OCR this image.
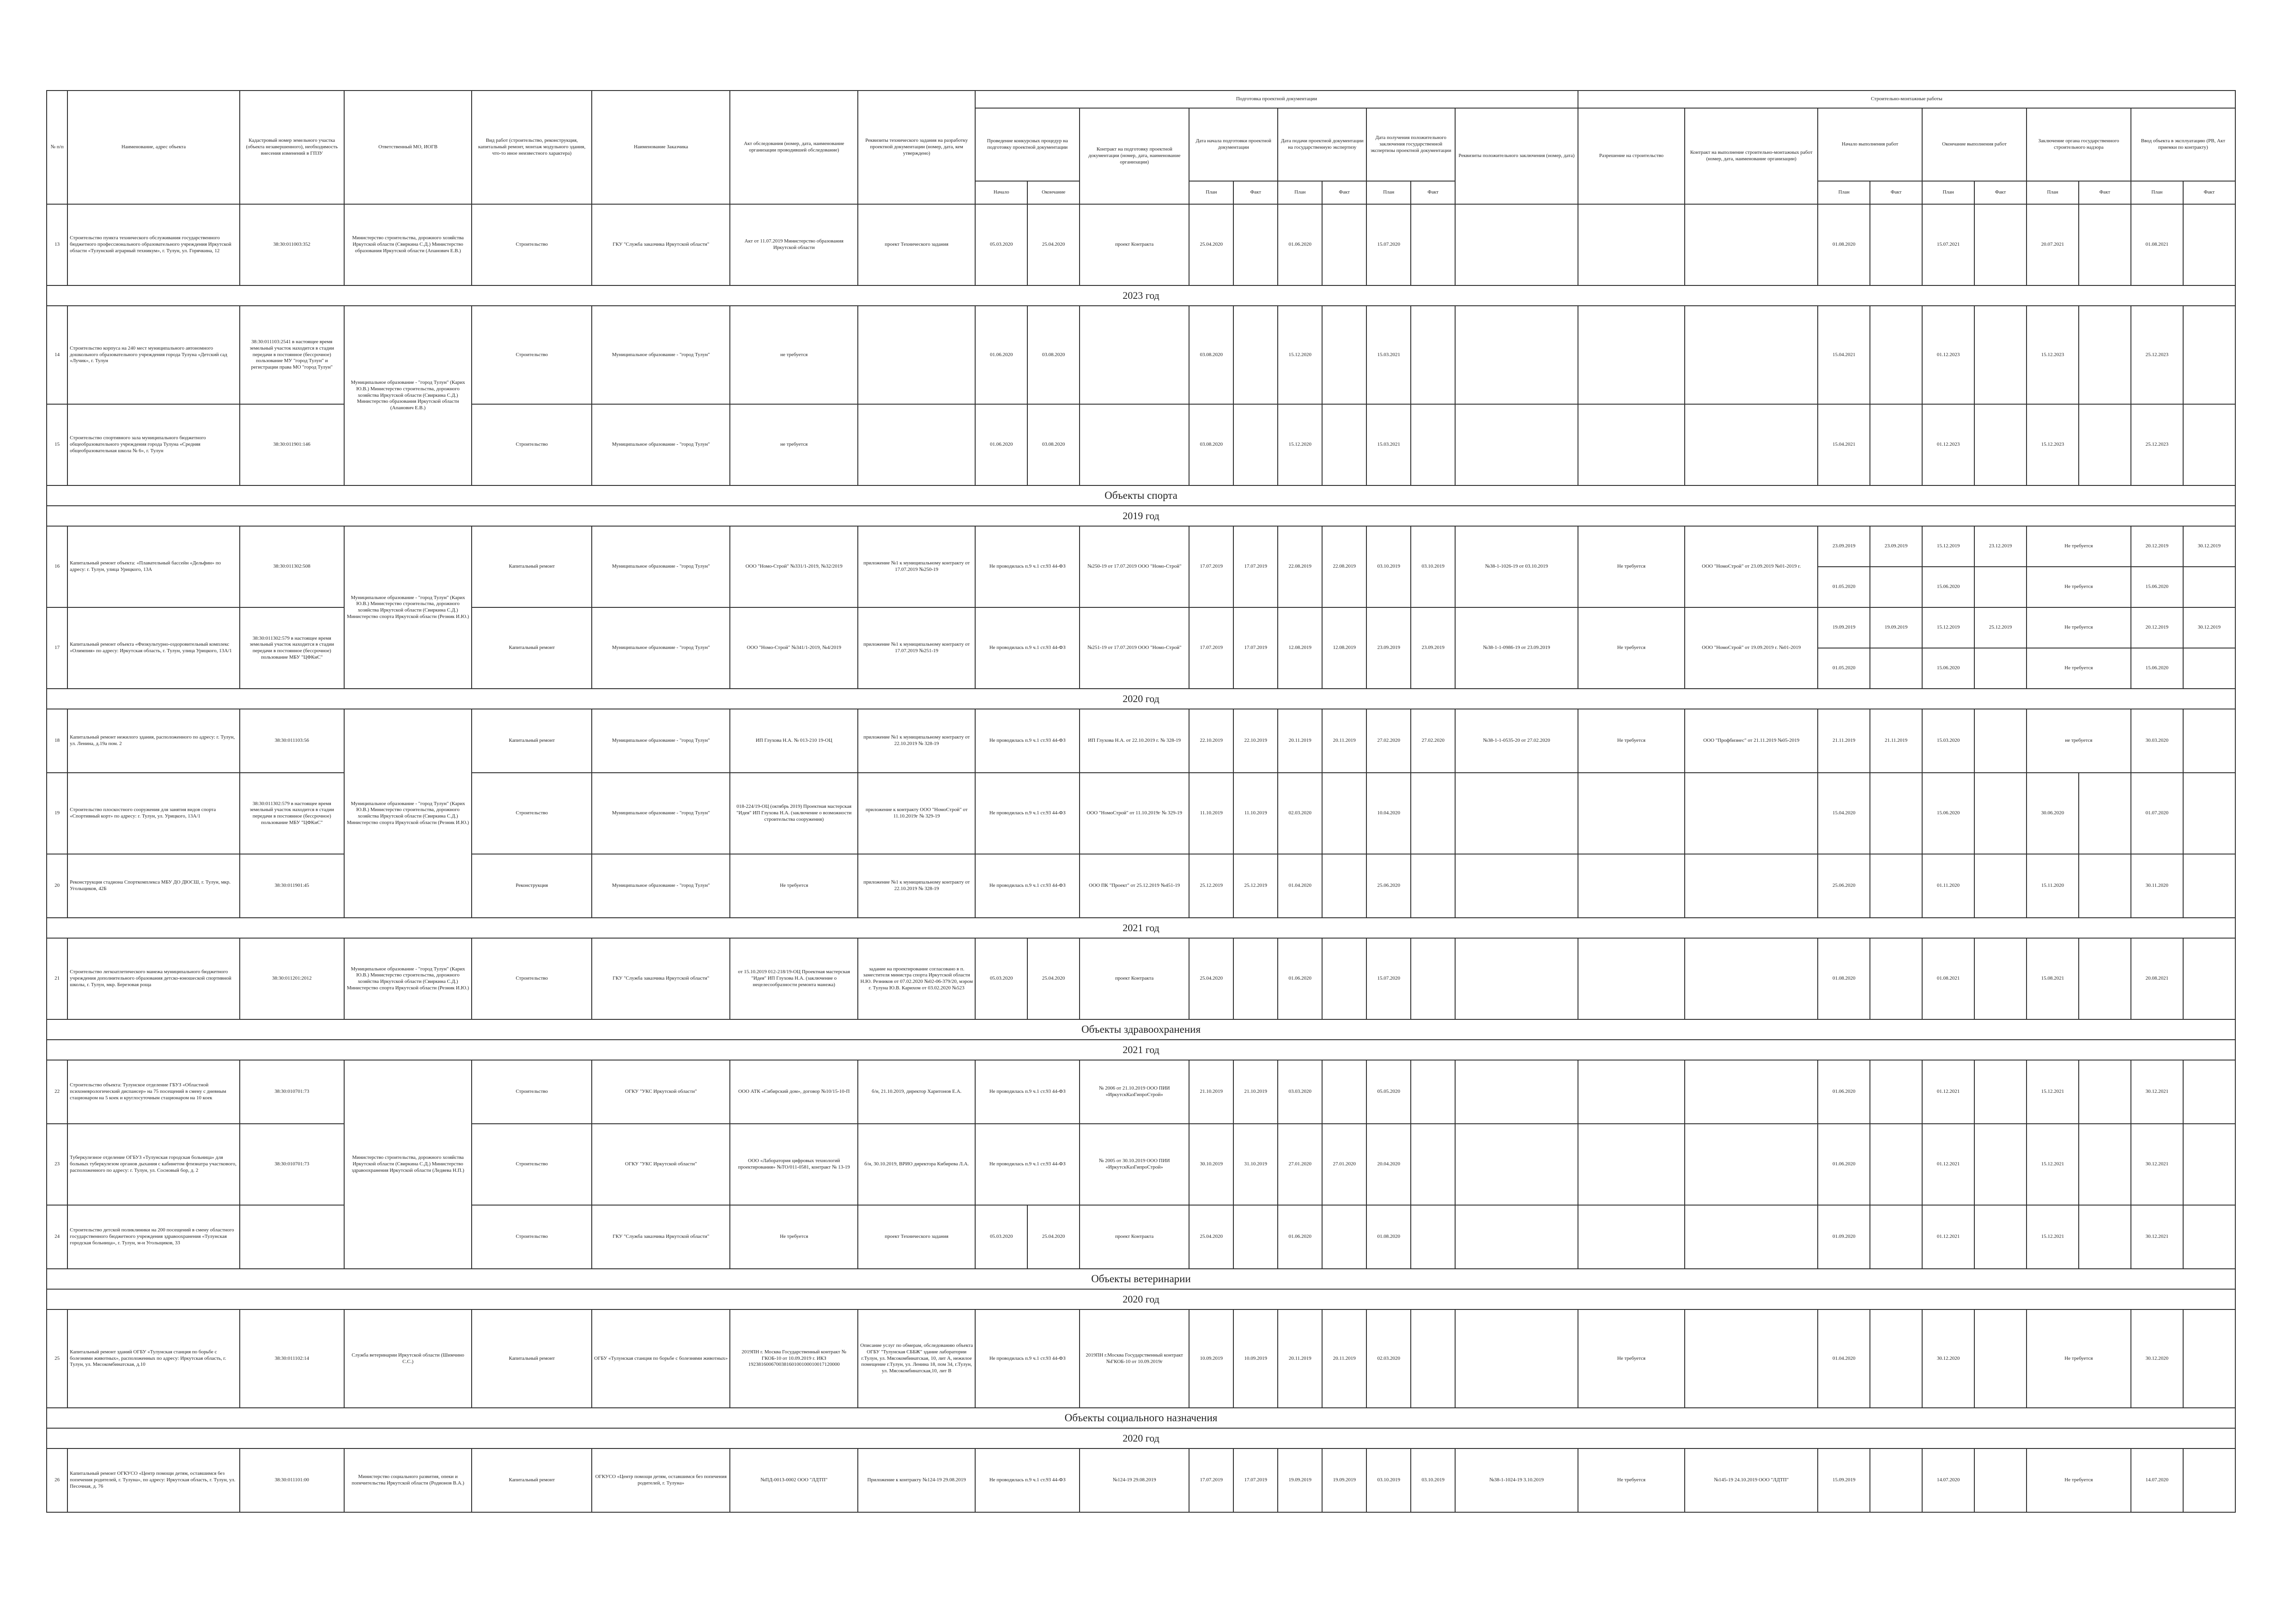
№ п/п	Наименование, адрес объекта	Кадастровый номер земельного участка (объекта незавершенного), необходимость внесения изменений в ГПЗУ	Ответственный МО, ИОГВ	Вид работ (строительство, реконструкция, капитальный ремонт, монтаж модульного здания, что-то иное неизвестного характера)	Наименование Заказчика	Акт обследования (номер, дата, наименование организации проводившей обследование)	Реквизиты технического задания на разработку проектной документации (номер, дата, кем утверждено)	Подготовка проектной документации										Строительно-монтажные работы									
								Проведение конкурсных процедур на подготовку проектной документации		Контракт на подготовку проектной документации (номер, дата, наименование организации)	Дата начала подготовки проектной документации		Дата подачи проектной документации на государственную экспертизу		Дата получения положительного заключения государственной экспертизы проектной документации		Реквизиты положительного заключения (номер, дата)	Разрешение на строительство	Контракт на выполнение строительно-монтажных работ (номер, дата, наименование организации)	Начало выполнения работ		Окончание выполнения работ		Заключение органа государственного строительного надзора		Ввод объекта в эксплуатацию (РВ, Акт приемки по контракту)	
								Начало	Окончание		План	Факт	План	Факт	План	Факт				План	Факт	План	Факт	План	Факт	План	Факт
13	Строительство пункта технического обслуживания государственного бюджетного профессионального образовательного учреждения Иркутской области «Тулунский аграрный техникум», г. Тулун, ул. Горячкина, 12	38:30:011003:352	Министерство строительства, дорожного хозяйства Иркутской области (Свиркина С.Д.) Министерство образования Иркутской области (Апанович Е.В.)	Строительство	ГКУ "Служба заказчика Иркутской области"	Акт от 11.07.2019 Министерство образования Иркутской области	проект Технического задания	05.03.2020	25.04.2020	проект Контракта	25.04.2020		01.06.2020		15.07.2020					01.08.2020		15.07.2021		20.07.2021		01.08.2021	
2023 год																											
14	Строительство корпуса на 240 мест муниципального автономного дошкольного образовательного учреждения города Тулуна «Детский сад «Лучик», г. Тулун	38:30:011103:2541 в настоящее время земельный участок находится в стадии передачи в постоянное (бессрочное) пользование МУ "город Тулун" и регистрации права МО "город Тулун"	Муниципальное образование - "город Тулун" (Карих Ю.В.) Министерство строительства, дорожного хозяйства Иркутской области (Свиркина С.Д.) Министерство образования Иркутской области (Апанович Е.В.)	Строительство	Муниципальное образование - "город Тулун"	не требуется		01.06.2020	03.08.2020		03.08.2020		15.12.2020		15.03.2021					15.04.2021		01.12.2023		15.12.2023		25.12.2023	
15	Строительство спортивного зала муниципального бюджетного общеобразовательного учреждения города Тулуна «Средняя общеобразовательная школа № 6», г. Тулун	38:30:011901:146		Строительство	Муниципальное образование - "город Тулун"	не требуется		01.06.2020	03.08.2020		03.08.2020		15.12.2020		15.03.2021					15.04.2021		01.12.2023		15.12.2023		25.12.2023	
Объекты спорта																											
2019 год																											
16	Капитальный ремонт объекта: «Плавательный бассейн «Дельфин» по адресу: г. Тулун, улица Урицкого, 13А	38:30:011302:508	Муниципальное образование - "город Тулун" (Карих Ю.В.) Министерство строительства, дорожного хозяйства Иркутской области (Свиркина С.Д.) Министерство спорта Иркутской области (Резник И.Ю.)	Капитальный ремонт	Муниципальное образование - "город Тулун"	ООО "Номо-Строй" №331/1-2019, №32/2019	приложение №1 к муниципальному контракту от 17.07.2019 №250-19	Не проводилась п.9 ч.1 ст.93 44-ФЗ		№250-19 от 17.07.2019 ООО "Номо-Строй"	17.07.2019	17.07.2019	22.08.2019	22.08.2019	03.10.2019	03.10.2019	№38-1-1026-19 от 03.10.2019	Не требуется	ООО "НомоСтрой" от 23.09.2019 №01-2019 г.	23.09.2019	23.09.2019	15.12.2019	23.12.2019	Не требуется		20.12.2019	30.12.2019
																				01.05.2020		15.06.2020		Не требуется		15.06.2020	
17	Капитальный ремонт объекта «Физкультурно-оздоровительный комплекс «Олимпия» по адресу: Иркутская область, г. Тулун, улица Урицкого, 13А/1	38:30:011302:579 в настоящее время земельный участок находится в стадии передачи в постоянное (бессрочное) пользование МБУ "ЦФКиС"		Капитальный ремонт	Муниципальное образование - "город Тулун"	ООО "Номо-Строй" №341/1-2019, №4/2019	приложение №1 к муниципальному контракту от 17.07.2019 №251-19	Не проводилась п.9 ч.1 ст.93 44-ФЗ		№251-19 от 17.07.2019 ООО "Номо-Строй"	17.07.2019	17.07.2019	12.08.2019	12.08.2019	23.09.2019	23.09.2019	№38-1-1-0986-19 от 23.09.2019	Не требуется	ООО "НомоСтрой" от 19.09.2019 г. №01-2019	19.09.2019	19.09.2019	15.12.2019	25.12.2019	Не требуется		20.12.2019	30.12.2019
																				01.05.2020		15.06.2020		Не требуется		15.06.2020	
2020 год																											
18	Капитальный ремонт нежилого здания, расположенного по адресу: г. Тулун, ул. Ленина, д.19а пом. 2	38:30:011103:56	Муниципальное образование - "город Тулун" (Карих Ю.В.) Министерство строительства, дорожного хозяйства Иркутской области (Свиркина С.Д.) Министерство спорта Иркутской области (Резник И.Ю.)	Капитальный ремонт	Муниципальное образование - "город Тулун"	ИП Глухова Н.А. № 013-210 19-ОЦ	приложение №1 к муниципальному контракту от 22.10.2019 № 328-19	Не проводилась п.9 ч.1 ст.93 44-ФЗ		ИП Глухова Н.А. от 22.10.2019 г. № 328-19	22.10.2019	22.10.2019	20.11.2019	20.11.2019	27.02.2020	27.02.2020	№38-1-1-0535-20 от 27.02.2020	Не требуется	ООО "Профбизнес" от 21.11.2019 №05-2019	21.11.2019	21.11.2019	15.03.2020		не требуется		30.03.2020	
19	Строительство плоскостного сооружения для занятия видов спорта «Спортивный корт» по адресу: г. Тулун, ул. Урицкого, 13А/1	38:30:011302:579 в настоящее время земельный участок находится в стадии передачи в постоянное (бессрочное) пользование МБУ "ЦФКиС"		Строительство	Муниципальное образование - "город Тулун"	018-224/19-ОЦ (октябрь 2019) Проектная мастерская "Идея" ИП Глухова Н.А. (заключение о возможности строительства сооружения)	приложение к контракту ООО "НомоСтрой" от 11.10.2019г № 329-19	Не проводилась п.9 ч.1 ст.93 44-ФЗ		ООО "НомоСтрой" от 11.10.2019г № 329-19	11.10.2019	11.10.2019	02.03.2020		10.04.2020					15.04.2020		15.06.2020		30.06.2020		01.07.2020	
20	Реконструкция стадиона Спорткомплекса МБУ ДО ДЮСШ, г. Тулун, мкр. Угольщиков, 42Б	38:30:011901:45		Реконструкция	Муниципальное образование - "город Тулун"	Не требуется	приложение №1 к муниципальному контракту от 22.10.2019 № 328-19	Не проводилась п.9 ч.1 ст.93 44-ФЗ		ООО ПК "Проект" от 25.12.2019 №451-19	25.12.2019	25.12.2019	01.04.2020		25.06.2020					25.06.2020		01.11.2020		15.11.2020		30.11.2020	
2021 год																											
21	Строительство легкоатлетического манежа муниципального бюджетного учреждения дополнительного образования детско-юношеской спортивной школы, г. Тулун, мкр. Березовая роща	38:30:011201:2012	Муниципальное образование - "город Тулун" (Карих Ю.В.) Министерство строительства, дорожного хозяйства Иркутской области (Свиркина С.Д.) Министерство спорта Иркутской области (Резник И.Ю.)	Строительство	ГКУ "Служба заказчика Иркутской области"	от 15.10.2019 012-218/19-ОЦ Проектная мастерская "Идея" ИП Глухова Н.А. (заключение о нецелесообразности ремонта манежа)	задание на проектирование согласовано в п. заместителя министра спорта Иркутской области Н.Ю. Резников от 07.02.2020 №02-06-379/20, мэром г. Тулуна Ю.В. Карихом от 03.02.2020 №523	05.03.2020	25.04.2020	проект Контракта	25.04.2020		01.06.2020		15.07.2020					01.08.2020		01.08.2021		15.08.2021		20.08.2021	
Объекты здравоохранения																											
2021 год																											
22	Строительство объекта: Тулунское отделение ГБУЗ «Областной психоневрологический диспансер» на 75 посещений в смену с дневным стационаром на 5 коек и круглосуточным стационаром на 10 коек	38:30:010701:73	Министерство строительства, дорожного хозяйства Иркутской области (Свиркина С.Д.) Министерство здравоохранения Иркутской области (Ледяева Н.П.)	Строительство	ОГКУ "УКС Иркутской области"	ООО АТК «Сибирский дом», договор №10/15-10-П	б/н, 21.10.2019, директор Харитонов Е.А.	Не проводилась п.9 ч.1 ст.93 44-ФЗ		№ 2006 от 21.10.2019 ООО ПИИ «ИркутскКазГипроСтрой»	21.10.2019	21.10.2019	03.03.2020		05.05.2020					01.06.2020		01.12.2021		15.12.2021		30.12.2021	
23	Туберкулезное отделение ОГБУЗ «Тулунская городская больница» для больных туберкулезом органов дыхания с кабинетом фтизиатра участкового, расположенного по адресу: г. Тулун, ул. Сосновый бор, д. 2	38:30:010701:73		Строительство	ОГКУ "УКС Иркутской области"	ООО «Лаборатория цифровых технологий проектирования» №ТО/011-0581, контракт № 13-19	б/н, 30.10.2019, ВРИО директора Кибирева Л.А.	Не проводилась п.9 ч.1 ст.93 44-ФЗ		№ 2005 от 30.10.2019 ООО ПИИ «ИркутскКазГипроСтрой»	30.10.2019	31.10.2019	27.01.2020	27.01.2020	20.04.2020					01.06.2020		01.12.2021		15.12.2021		30.12.2021	
24	Строительство детской поликлиники на 200 посещений в смену областного государственного бюджетного учреждения здравоохранения «Тулунская городская больница», г. Тулун, м-н Угольщиков, 33			Строительство	ГКУ "Служба заказчика Иркутской области"	Не требуется	проект Технического задания	05.03.2020	25.04.2020	проект Контракта	25.04.2020		01.06.2020		01.08.2020					01.09.2020		01.12.2021		15.12.2021		30.12.2021	
Объекты ветеринарии																											
2020 год																											
25	Капитальный ремонт зданий ОГБУ «Тулунская станция по борьбе с болезнями животных», расположенных по адресу: Иркутская область, г. Тулун, ул. Мясокомбинатская, д.10	38:30:011102:14	Служба ветеринарии Иркутской области (Шимчино С.С.)	Капитальный ремонт	ОГБУ «Тулунская станция по борьбе с болезнями животных»	2019ПН г. Москва Государственный контракт № ГКОБ-10 от 10.09.2019 г. ИКЗ 192381600670038160100100010017120000	Описание услуг по обмерам, обследованию объекта ОГБУ "Тулунская СББЖ" здание лаборатории г.Тулун, ул. Мясокомбинатская, 10, лит А, нежилое помещение г.Тулун, ул. Ленина 18, пом 34, г.Тулун, ул. Мясокомбинатская,10, лит В	Не проводилась п.9 ч.1 ст.93 44-ФЗ		2019ПН г.Москва Государственный контракт №ГКОБ-10 от 10.09.2019г	10.09.2019	10.09.2019	20.11.2019	20.11.2019	02.03.2020			Не требуется		01.04.2020		30.12.2020		Не требуется		30.12.2020	
Объекты социального назначения																											
2020 год																											
26	Капитальный ремонт ОГКУСО «Центр помощи детям, оставшимся без попечения родителей, г. Тулуна», по адресу: Иркутская область, г. Тулун, ул. Песочная, д. 76	38:30:011101:00	Министерство социального развития, опеки и попечительства Иркутской области (Родионов В.А.)	Капитальный ремонт	ОГКУСО «Центр помощи детям, оставшимся без попечения родителей, г. Тулуна»	№ПД-0013-0002 ООО "ЛДТП"	Приложение к контракту №124-19 29.08.2019	Не проводилась п.9 ч.1 ст.93 44-ФЗ		№124-19 29.08.2019	17.07.2019	17.07.2019	19.09.2019	19.09.2019	03.10.2019	03.10.2019	№38-1-1024-19 3.10.2019	Не требуется	№145-19 24.10.2019 ООО "ЛДТП"	15.09.2019		14.07.2020		Не требуется		14.07.2020	
